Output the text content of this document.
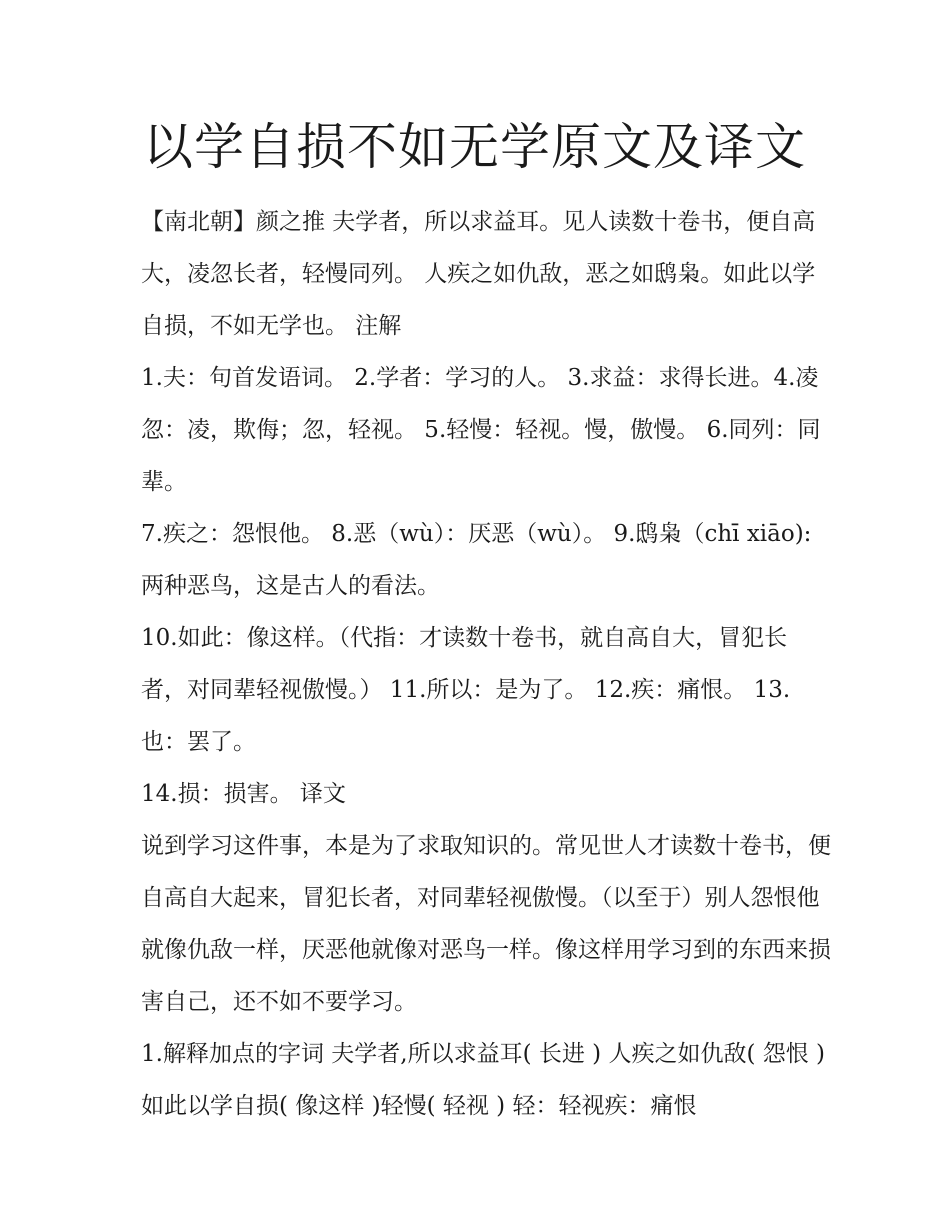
以学自损不如无学原文及译文

【南北朝】颜之推 夫学者，所以求益耳。见人读数十卷书，便自高大，凌忽长者，轻慢同列。 人疾之如仇敌，恶之如鸱枭。如此以学自损，不如无学也。 注解

1.夫：句首发语词。 2.学者：学习的人。 3.求益：求得长进。4.凌忽：凌，欺侮；忽，轻视。 5.轻慢：轻视。慢，傲慢。 6.同列：同辈。

7.疾之：怨恨他。 8.恶（wù）：厌恶（wù）。 9.鸱枭（chī xiāo):两种恶鸟，这是古人的看法。

10.如此：像这样。（代指：才读数十卷书，就自高自大，冒犯长者，对同辈轻视傲慢。） 11.所以：是为了。 12.疾：痛恨。 13.也：罢了。

14.损：损害。 译文

说到学习这件事，本是为了求取知识的。常见世人才读数十卷书，便自高自大起来，冒犯长者，对同辈轻视傲慢。（以至于）别人怨恨他就像仇敌一样，厌恶他就像对恶鸟一样。像这样用学习到的东西来损害自己，还不如不要学习。

1.解释加点的字词 夫学者,所以求益耳( 长进 ) 人疾之如仇敌( 怨恨 ) 如此以学自损( 像这样 )轻慢( 轻视 ) 轻：轻视疾：痛恨
